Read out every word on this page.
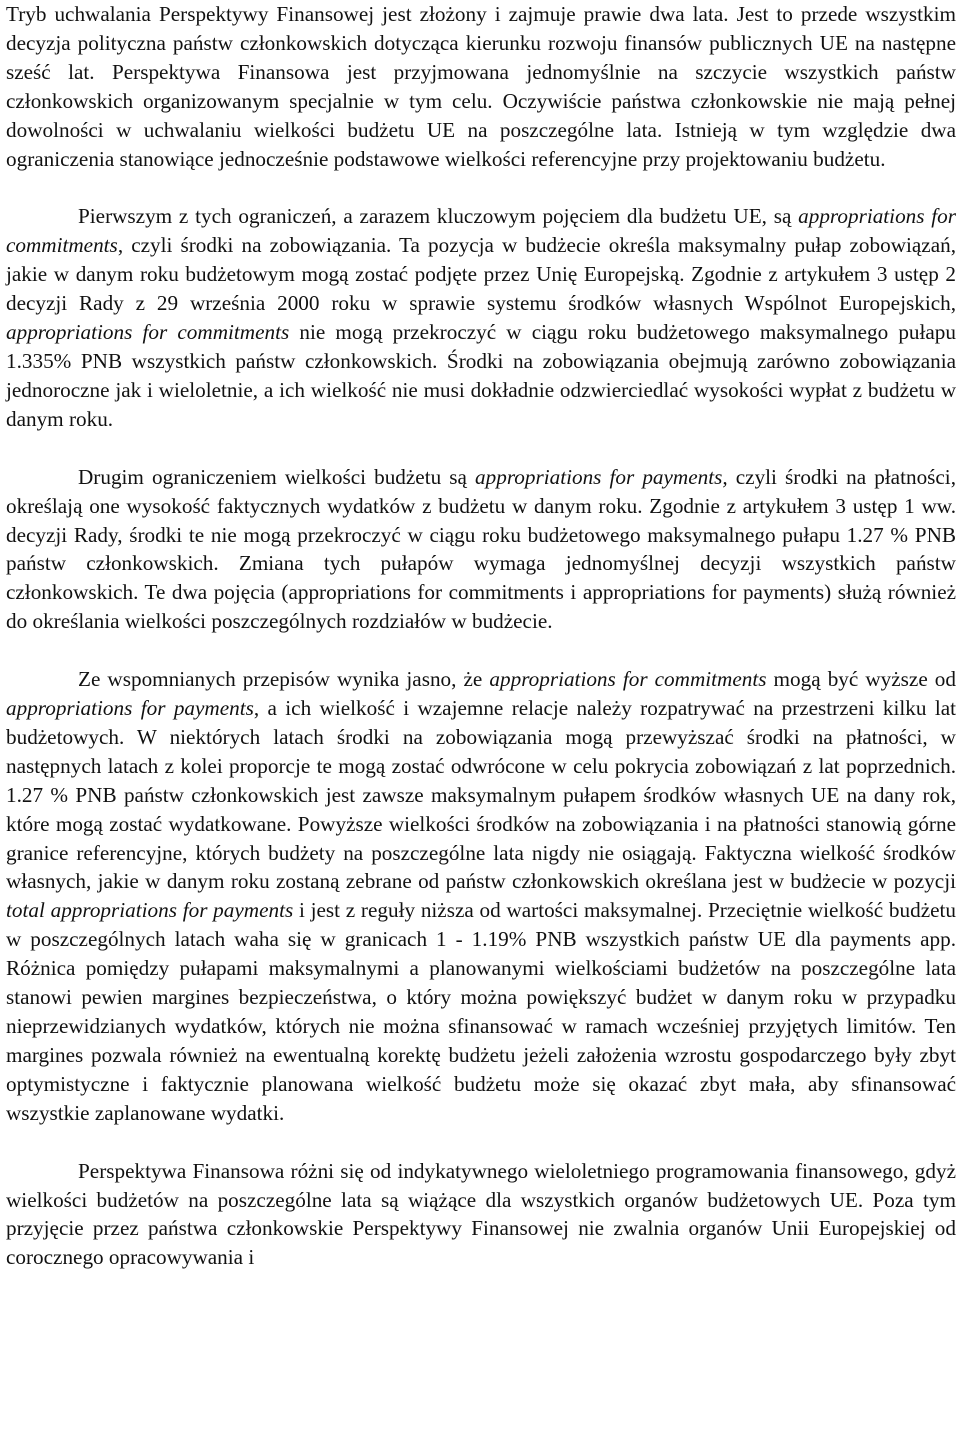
Tryb uchwalania Perspektywy Finansowej jest złożony i zajmuje prawie dwa lata. Jest to przede wszystkim decyzja polityczna państw członkowskich dotycząca kierunku rozwoju finansów publicznych UE na następne sześć lat. Perspektywa Finansowa jest przyjmowana jednomyślnie na szczycie wszystkich państw członkowskich organizowanym specjalnie w tym celu. Oczywiście państwa członkowskie nie mają pełnej dowolności w uchwalaniu wielkości budżetu UE na poszczególne lata. Istnieją w tym względzie dwa ograniczenia stanowiące jednocześnie podstawowe wielkości referencyjne przy projektowaniu budżetu.

Pierwszym z tych ograniczeń, a zarazem kluczowym pojęciem dla budżetu UE, są appropriations for commitments, czyli środki na zobowiązania. Ta pozycja w budżecie określa maksymalny pułap zobowiązań, jakie w danym roku budżetowym mogą zostać podjęte przez Unię Europejską. Zgodnie z artykułem 3 ustęp 2 decyzji Rady z 29 września 2000 roku w sprawie systemu środków własnych Wspólnot Europejskich, appropriations for commitments nie mogą przekroczyć w ciągu roku budżetowego maksymalnego pułapu 1.335% PNB wszystkich państw członkowskich. Środki na zobowiązania obejmują zarówno zobowiązania jednoroczne jak i wieloletnie, a ich wielkość nie musi dokładnie odzwierciedlać wysokości wypłat z budżetu w danym roku.

Drugim ograniczeniem wielkości budżetu są appropriations for payments, czyli środki na płatności, określają one wysokość faktycznych wydatków z budżetu w danym roku. Zgodnie z artykułem 3 ustęp 1 ww. decyzji Rady, środki te nie mogą przekroczyć w ciągu roku budżetowego maksymalnego pułapu 1.27 % PNB państw członkowskich. Zmiana tych pułapów wymaga jednomyślnej decyzji wszystkich państw członkowskich. Te dwa pojęcia (appropriations for commitments i appropriations for payments) służą również do określania wielkości poszczególnych rozdziałów w budżecie.

Ze wspomnianych przepisów wynika jasno, że appropriations for commitments mogą być wyższe od appropriations for payments, a ich wielkość i wzajemne relacje należy rozpatrywać na przestrzeni kilku lat budżetowych. W niektórych latach środki na zobowiązania mogą przewyższać środki na płatności, w następnych latach z kolei proporcje te mogą zostać odwrócone w celu pokrycia zobowiązań z lat poprzednich. 1.27 % PNB państw członkowskich jest zawsze maksymalnym pułapem środków własnych UE na dany rok, które mogą zostać wydatkowane. Powyższe wielkości środków na zobowiązania i na płatności stanowią górne granice referencyjne, których budżety na poszczególne lata nigdy nie osiągają. Faktyczna wielkość środków własnych, jakie w danym roku zostaną zebrane od państw członkowskich określana jest w budżecie w pozycji total appropriations for payments i jest z reguły niższa od wartości maksymalnej. Przeciętnie wielkość budżetu w poszczególnych latach waha się w granicach 1 - 1.19% PNB wszystkich państw UE dla payments app. Różnica pomiędzy pułapami maksymalnymi a planowanymi wielkościami budżetów na poszczególne lata stanowi pewien margines bezpieczeństwa, o który można powiększyć budżet w danym roku w przypadku nieprzewidzianych wydatków, których nie można sfinansować w ramach wcześniej przyjętych limitów. Ten margines pozwala również na ewentualną korektę budżetu jeżeli założenia wzrostu gospodarczego były zbyt optymistyczne i faktycznie planowana wielkość budżetu może się okazać zbyt mała, aby sfinansować wszystkie zaplanowane wydatki.

Perspektywa Finansowa różni się od indykatywnego wieloletniego programowania finansowego, gdyż wielkości budżetów na poszczególne lata są wiążące dla wszystkich organów budżetowych UE. Poza tym przyjęcie przez państwa członkowskie Perspektywy Finansowej nie zwalnia organów Unii Europejskiej od corocznego opracowywania i
